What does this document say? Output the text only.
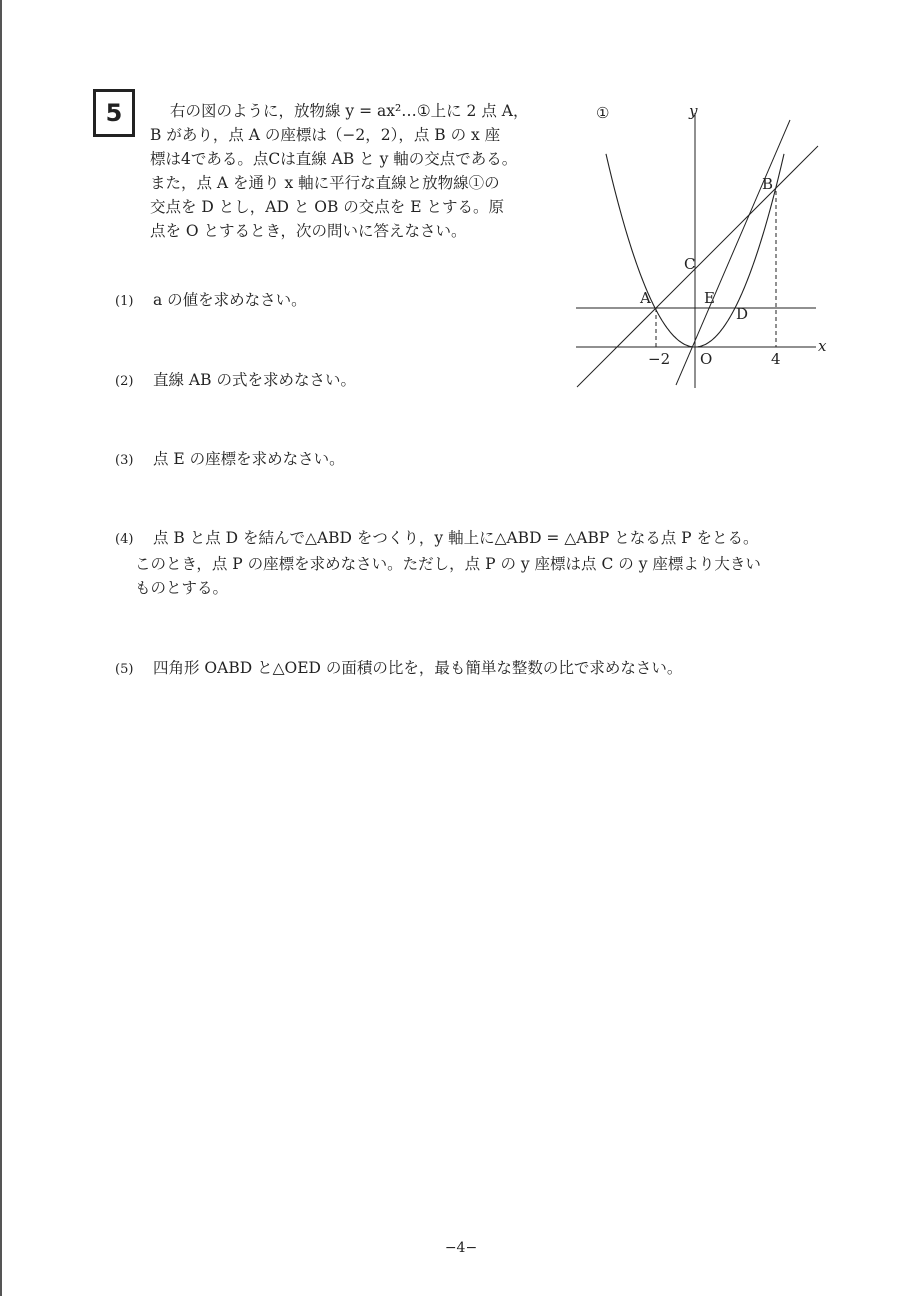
5	右の図のように，放物線 y = ax²…①上に 2 点 A，
B があり，点 A の座標は（−2，2），点 B の x 座
標は4である。点Cは直線 AB と y 軸の交点である。
また，点 A を通り x 軸に平行な直線と放物線①の
交点を D とし，AD と OB の交点を E とする。原
点を O とするとき，次の問いに答えなさい。

①	y
x
B
C
A	E
D
O
−2	4
(1) a の値を求めなさい。
(2) 直線 AB の式を求めなさい。
(3) 点 E の座標を求めなさい。
(4) 点 B と点 D を結んで△ABD をつくり，y 軸上に△ABD = △ABP となる点 P をとる。
このとき，点 P の座標を求めなさい。ただし，点 P の y 座標は点 C の y 座標より大きい
ものとする。
(5) 四角形 OABD と△OED の面積の比を，最も簡単な整数の比で求めなさい。
−4−
